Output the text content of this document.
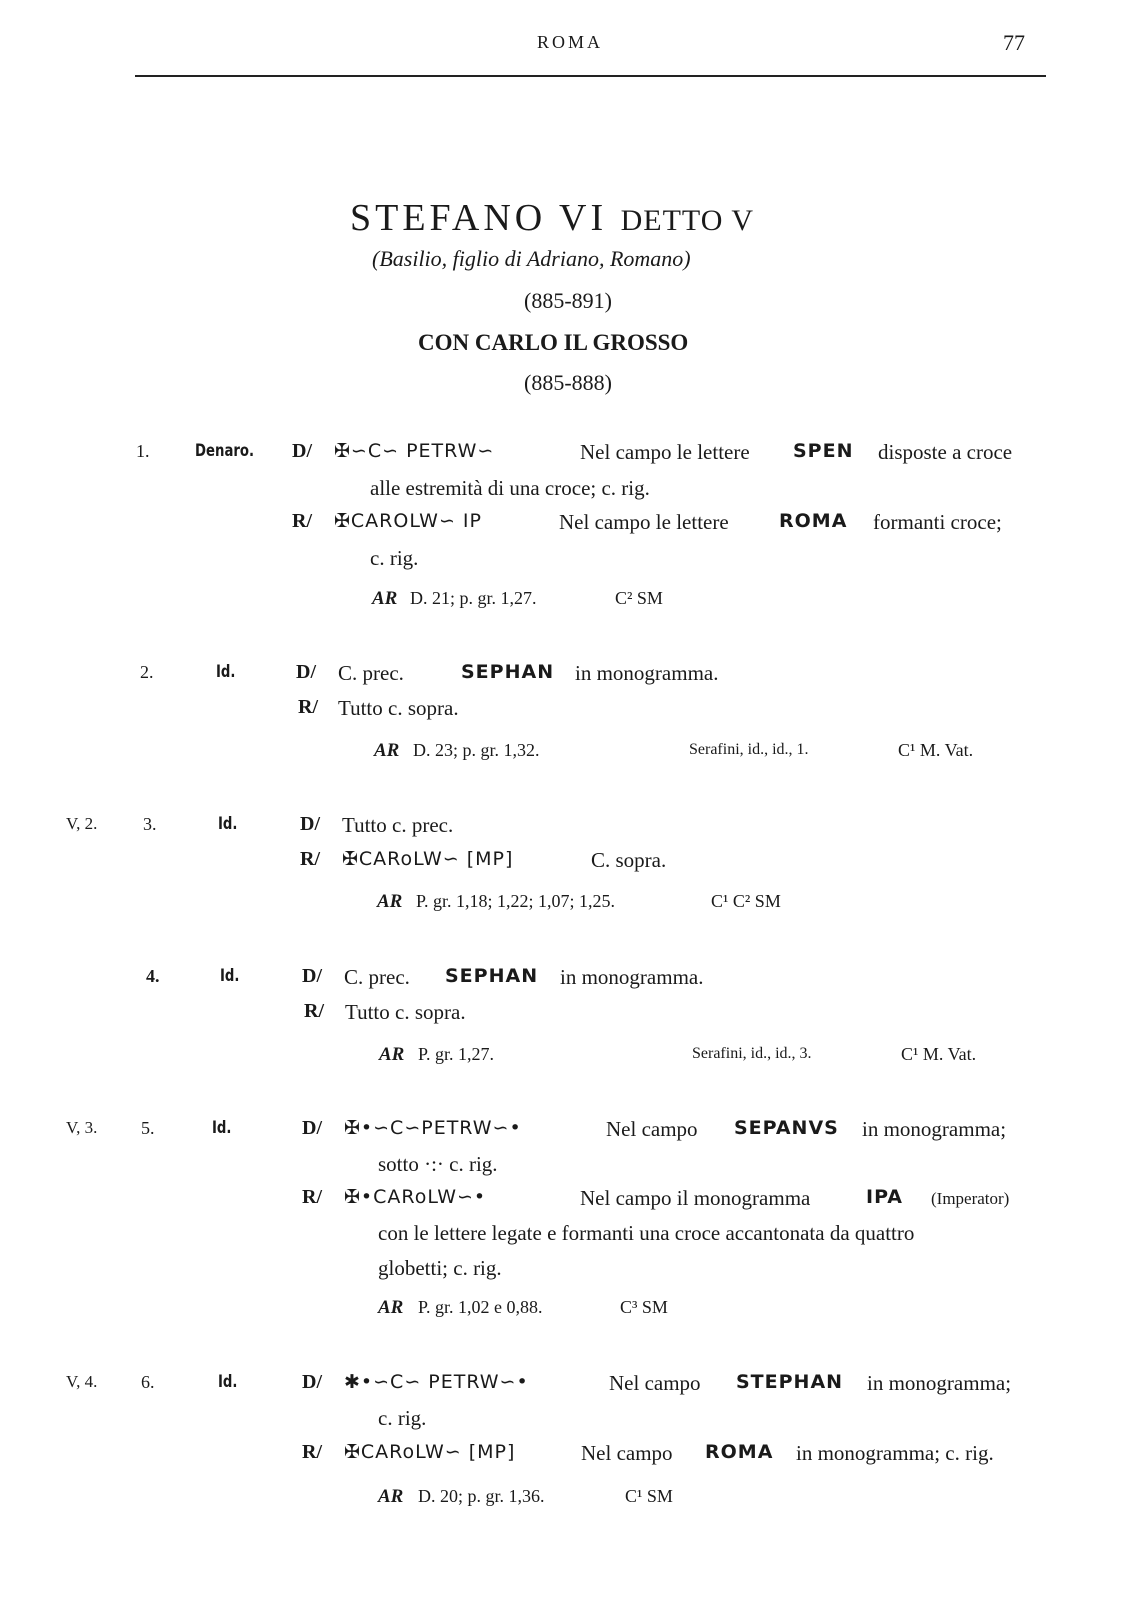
ROMA	77
STEFANO VI DETTO V
(Basilio, figlio di Adriano, Romano)
(885-891)
CON CARLO IL GROSSO
(885-888)
1.	Denaro. D/ ✠∽C∽ PETRW∽	Nel campo le lettere SPEN disposte a croce
alle estremità di una croce; c. rig.
R/ ✠CAROLW∽ IP	Nel campo le lettere	ROMA formanti croce;
c. rig.
AR D. 21; p. gr. 1,27.	C² SM
2.	Id.	D/ C. prec.	SEPHAN in monogramma.
R/ Tutto c. sopra.
AR D. 23; p. gr. 1,32.	Serafini, id., id., 1.	C¹ M. Vat.
V, 2.	3.	Id.	D/ Tutto c. prec.
R/ ✠CARoLW∽ [MP]	C. sopra.
AR P. gr. 1,18; 1,22; 1,07; 1,25.	C¹ C² SM
4.	Id.	D/ C. prec. SEPHAN in monogramma.
R/ Tutto c. sopra.
AR P. gr. 1,27.	Serafini, id., id., 3.	C¹ M. Vat.
V, 3. 5.	Id.	D/ ✠•∽C∽PETRW∽•	Nel campo SEPANVS in monogramma;
sotto ·:· c. rig.
R/ ✠•CARoLW∽•	Nel campo il monogramma	IPA (Imperator)
con le lettere legate e formanti una croce accantonata da quattro
globetti; c. rig.
AR P. gr. 1,02 e 0,88.	C³ SM
V, 4. 6.	Id.	D/ ✱•∽C∽ PETRW∽•	Nel campo STEPHAN in monogramma;
c. rig.
R/ ✠CARoLW∽ [MP]	Nel campo ROMA in monogramma; c. rig.
AR D. 20; p. gr. 1,36.	C¹ SM
